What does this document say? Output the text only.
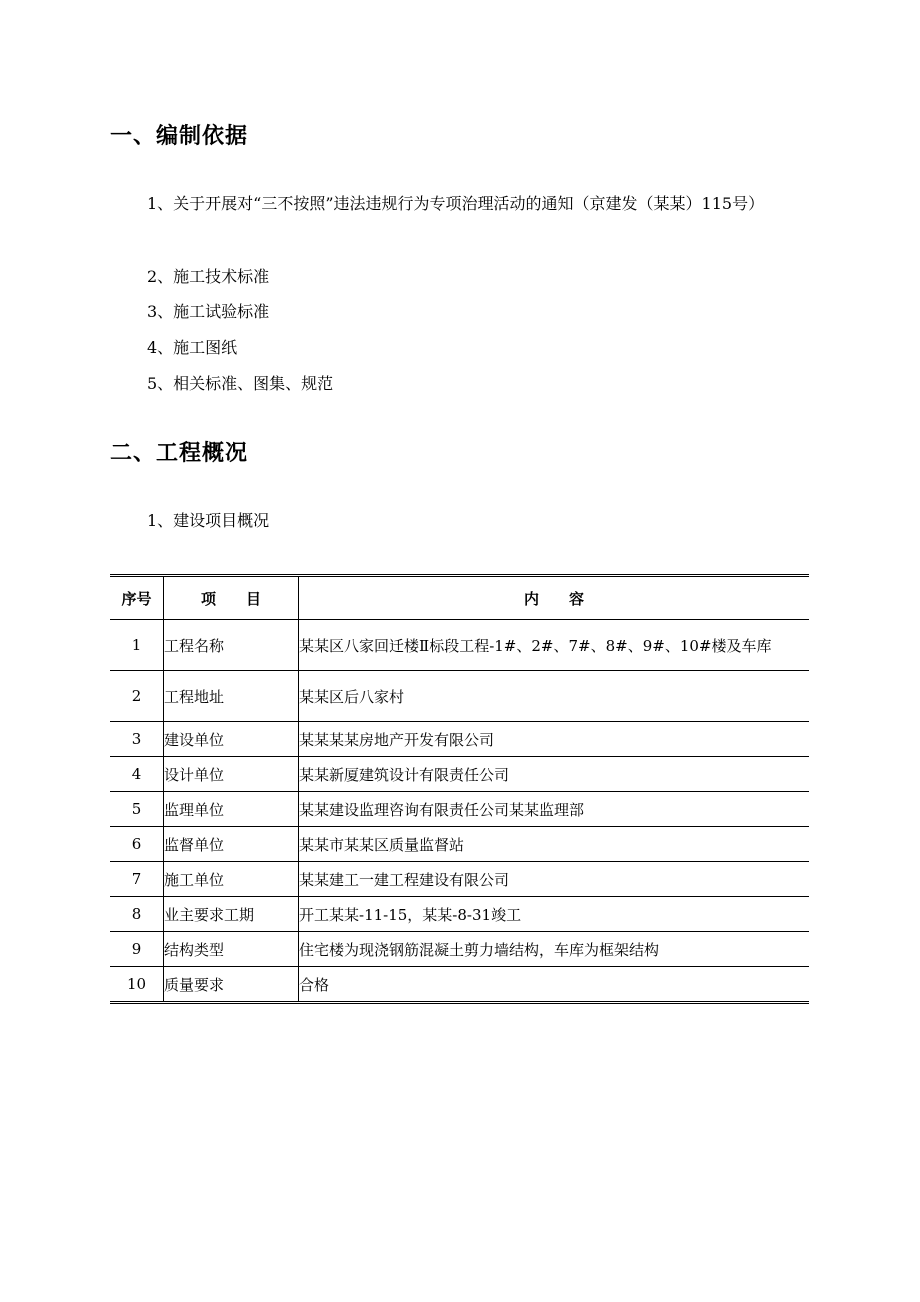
一、编制依据

1、关于开展对“三不按照”违法违规行为专项治理活动的通知（京建发（某某）115号）

2、施工技术标准

3、施工试验标准

4、施工图纸

5、相关标准、图集、规范

二、工程概况

1、建设项目概况

序号	项　　目	内　　容
1	工程名称	某某区八家回迁楼Ⅱ标段工程-1#、2#、7#、8#、9#、10#楼及车库
2	工程地址	某某区后八家村
3	建设单位	某某某某房地产开发有限公司
4	设计单位	某某新厦建筑设计有限责任公司
5	监理单位	某某建设监理咨询有限责任公司某某监理部
6	监督单位	某某市某某区质量监督站
7	施工单位	某某建工一建工程建设有限公司
8	业主要求工期	开工某某-11-15，某某-8-31竣工
9	结构类型	住宅楼为现浇钢筋混凝土剪力墙结构，车库为框架结构
10	质量要求	合格
